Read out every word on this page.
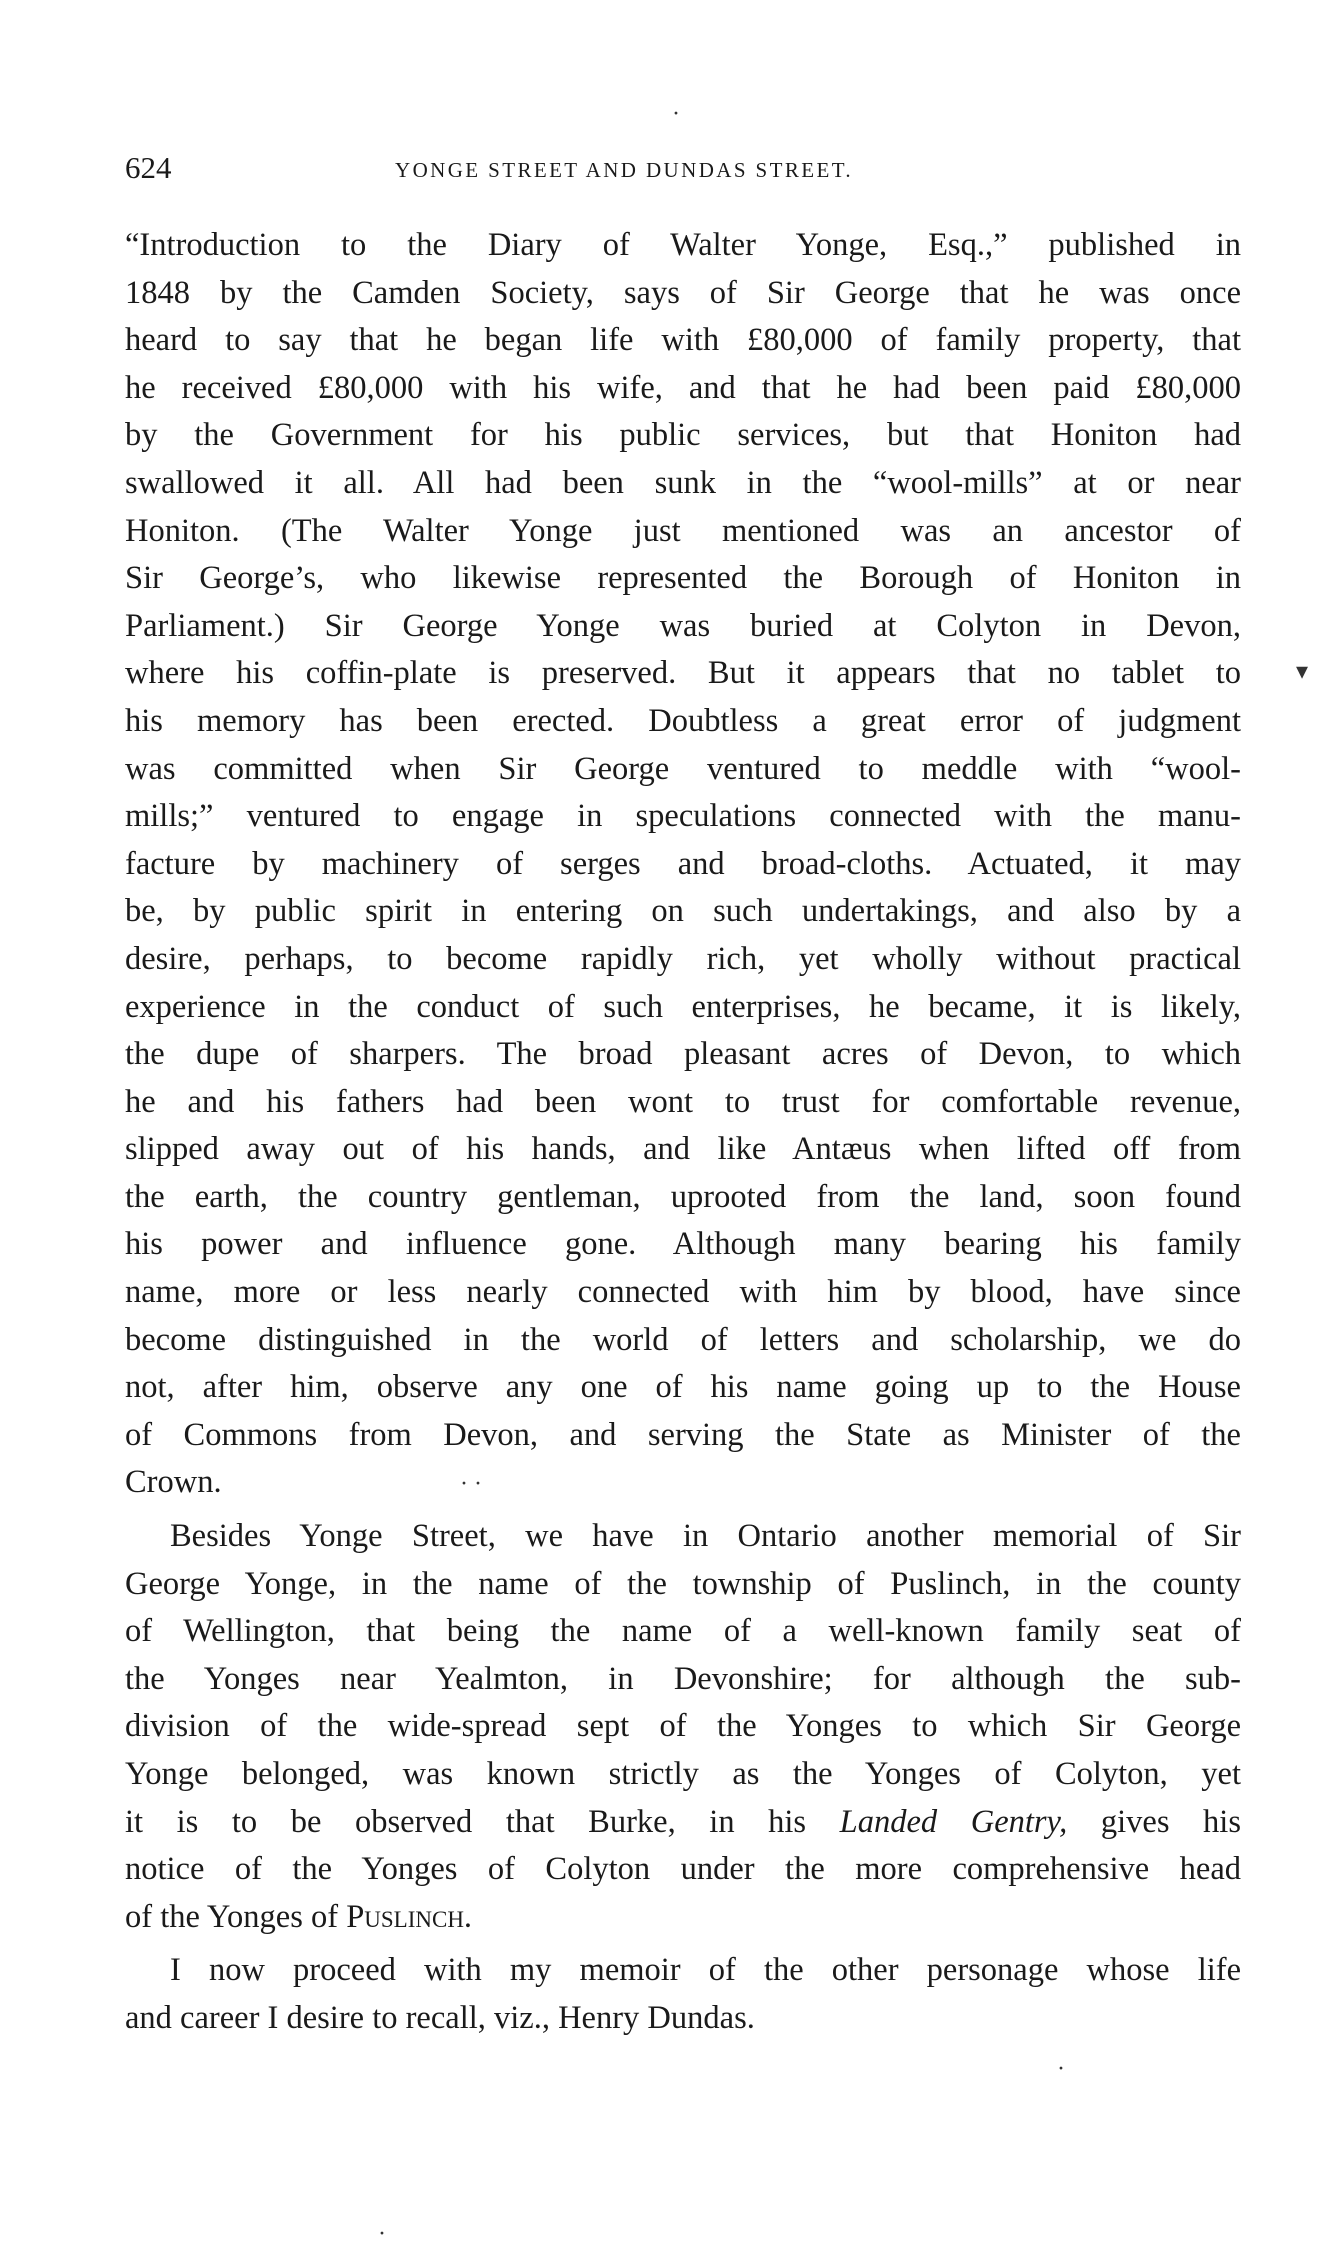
624	YONGE STREET AND DUNDAS STREET.
“Introduction to the Diary of Walter Yonge, Esq.,” published in
1848 by the Camden Society, says of Sir George that he was once
heard to say that he began life with £80,000 of family property, that
he received £80,000 with his wife, and that he had been paid £80,000
by the Government for his public services, but that Honiton had
swallowed it all. All had been sunk in the “wool-mills” at or near
Honiton. (The Walter Yonge just mentioned was an ancestor of
Sir George’s, who likewise represented the Borough of Honiton in
Parliament.) Sir George Yonge was buried at Colyton in Devon,
where his coffin-plate is preserved. But it appears that no tablet to
his memory has been erected. Doubtless a great error of judgment
was committed when Sir George ventured to meddle with “wool-
mills;” ventured to engage in speculations connected with the manu-
facture by machinery of serges and broad-cloths. Actuated, it may
be, by public spirit in entering on such undertakings, and also by a
desire, perhaps, to become rapidly rich, yet wholly without practical
experience in the conduct of such enterprises, he became, it is likely,
the dupe of sharpers. The broad pleasant acres of Devon, to which
he and his fathers had been wont to trust for comfortable revenue,
slipped away out of his hands, and like Antæus when lifted off from
the earth, the country gentleman, uprooted from the land, soon found
his power and influence gone. Although many bearing his family
name, more or less nearly connected with him by blood, have since
become distinguished in the world of letters and scholarship, we do
not, after him, observe any one of his name going up to the House
of Commons from Devon, and serving the State as Minister of the
Crown.
Besides Yonge Street, we have in Ontario another memorial of Sir
George Yonge, in the name of the township of Puslinch, in the county
of Wellington, that being the name of a well-known family seat of
the Yonges near Yealmton, in Devonshire; for although the sub-
division of the wide-spread sept of the Yonges to which Sir George
Yonge belonged, was known strictly as the Yonges of Colyton, yet
it is to be observed that Burke, in his Landed Gentry, gives his
notice of the Yonges of Colyton under the more comprehensive head
of the Yonges of Puslinch.
I now proceed with my memoir of the other personage whose life
and career I desire to recall, viz., Henry Dundas.
·
▾
· ·
·
·
